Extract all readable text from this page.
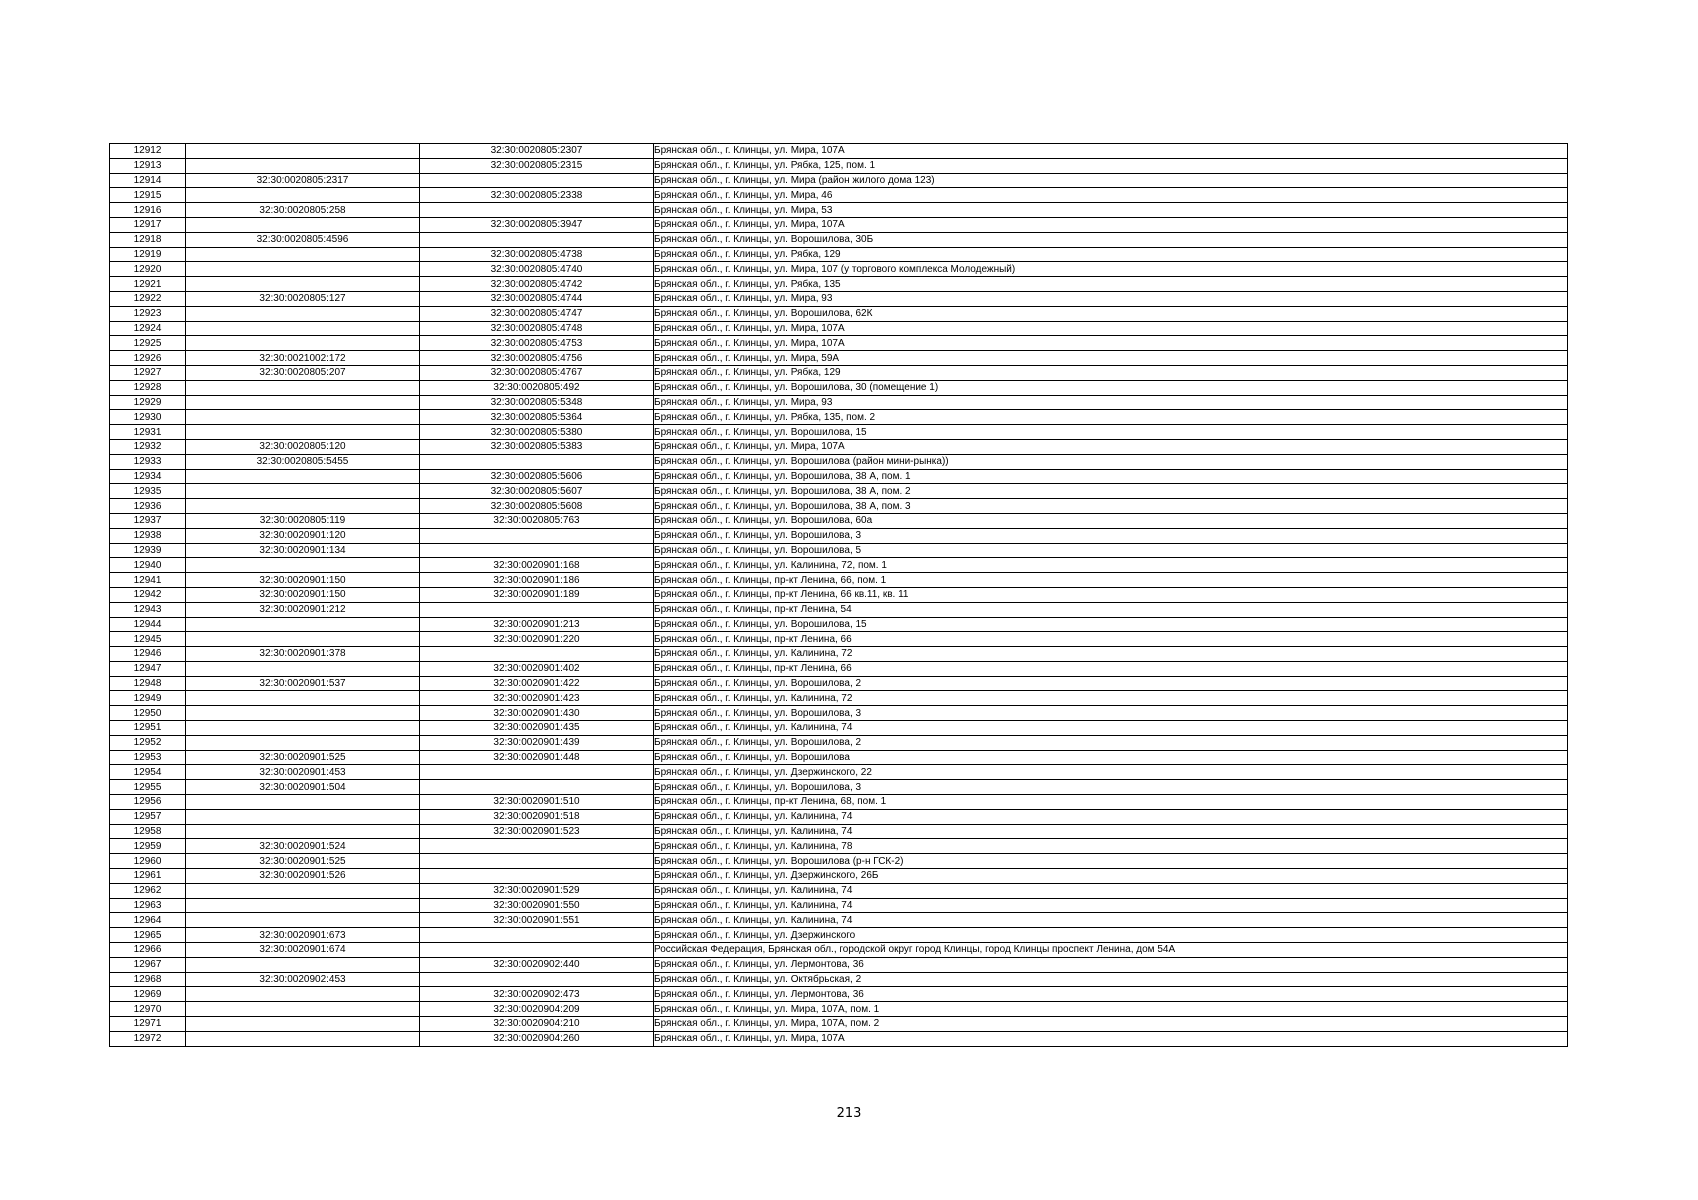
12912		32:30:0020805:2307	Брянская обл., г. Клинцы, ул. Мира, 107А
12913		32:30:0020805:2315	Брянская обл., г. Клинцы, ул. Рябка, 125, пом. 1
12914	32:30:0020805:2317		Брянская обл., г. Клинцы, ул. Мира (район жилого дома 123)
12915		32:30:0020805:2338	Брянская обл., г. Клинцы, ул. Мира, 46
12916	32:30:0020805:258		Брянская обл., г. Клинцы, ул. Мира, 53
12917		32:30:0020805:3947	Брянская обл., г. Клинцы, ул. Мира, 107А
12918	32:30:0020805:4596		Брянская обл., г. Клинцы, ул. Ворошилова, 30Б
12919		32:30:0020805:4738	Брянская обл., г. Клинцы, ул. Рябка, 129
12920		32:30:0020805:4740	Брянская обл., г. Клинцы, ул. Мира, 107 (у торгового комплекса Молодежный)
12921		32:30:0020805:4742	Брянская обл., г. Клинцы, ул. Рябка, 135
12922	32:30:0020805:127	32:30:0020805:4744	Брянская обл., г. Клинцы, ул. Мира, 93
12923		32:30:0020805:4747	Брянская обл., г. Клинцы, ул. Ворошилова, 62К
12924		32:30:0020805:4748	Брянская обл., г. Клинцы, ул. Мира, 107А
12925		32:30:0020805:4753	Брянская обл., г. Клинцы, ул. Мира, 107А
12926	32:30:0021002:172	32:30:0020805:4756	Брянская обл., г. Клинцы, ул. Мира, 59А
12927	32:30:0020805:207	32:30:0020805:4767	Брянская обл., г. Клинцы, ул. Рябка, 129
12928		32:30:0020805:492	Брянская обл., г. Клинцы, ул. Ворошилова, 30 (помещение 1)
12929		32:30:0020805:5348	Брянская обл., г. Клинцы, ул. Мира, 93
12930		32:30:0020805:5364	Брянская обл., г. Клинцы, ул. Рябка, 135, пом. 2
12931		32:30:0020805:5380	Брянская обл., г. Клинцы, ул. Ворошилова, 15
12932	32:30:0020805:120	32:30:0020805:5383	Брянская обл., г. Клинцы, ул. Мира, 107А
12933	32:30:0020805:5455		Брянская обл., г. Клинцы, ул. Ворошилова (район мини-рынка))
12934		32:30:0020805:5606	Брянская обл., г. Клинцы, ул. Ворошилова, 38 А, пом. 1
12935		32:30:0020805:5607	Брянская обл., г. Клинцы, ул. Ворошилова, 38 А, пом. 2
12936		32:30:0020805:5608	Брянская обл., г. Клинцы, ул. Ворошилова, 38 А, пом. 3
12937	32:30:0020805:119	32:30:0020805:763	Брянская обл., г. Клинцы, ул. Ворошилова, 60а
12938	32:30:0020901:120		Брянская обл., г. Клинцы, ул. Ворошилова, 3
12939	32:30:0020901:134		Брянская обл., г. Клинцы, ул. Ворошилова, 5
12940		32:30:0020901:168	Брянская обл., г. Клинцы, ул. Калинина, 72, пом. 1
12941	32:30:0020901:150	32:30:0020901:186	Брянская обл., г. Клинцы, пр-кт Ленина, 66, пом. 1
12942	32:30:0020901:150	32:30:0020901:189	Брянская обл., г. Клинцы, пр-кт Ленина, 66 кв.11, кв. 11
12943	32:30:0020901:212		Брянская обл., г. Клинцы, пр-кт Ленина, 54
12944		32:30:0020901:213	Брянская обл., г. Клинцы, ул. Ворошилова, 15
12945		32:30:0020901:220	Брянская обл., г. Клинцы, пр-кт Ленина, 66
12946	32:30:0020901:378		Брянская обл., г. Клинцы, ул. Калинина, 72
12947		32:30:0020901:402	Брянская обл., г. Клинцы, пр-кт Ленина, 66
12948	32:30:0020901:537	32:30:0020901:422	Брянская обл., г. Клинцы, ул. Ворошилова, 2
12949		32:30:0020901:423	Брянская обл., г. Клинцы, ул. Калинина, 72
12950		32:30:0020901:430	Брянская обл., г. Клинцы, ул. Ворошилова, 3
12951		32:30:0020901:435	Брянская обл., г. Клинцы, ул. Калинина, 74
12952		32:30:0020901:439	Брянская обл., г. Клинцы, ул. Ворошилова, 2
12953	32:30:0020901:525	32:30:0020901:448	Брянская обл., г. Клинцы, ул. Ворошилова
12954	32:30:0020901:453		Брянская обл., г. Клинцы, ул. Дзержинского, 22
12955	32:30:0020901:504		Брянская обл., г. Клинцы, ул. Ворошилова, 3
12956		32:30:0020901:510	Брянская обл., г. Клинцы, пр-кт Ленина, 68, пом. 1
12957		32:30:0020901:518	Брянская обл., г. Клинцы, ул. Калинина, 74
12958		32:30:0020901:523	Брянская обл., г. Клинцы, ул. Калинина, 74
12959	32:30:0020901:524		Брянская обл., г. Клинцы, ул. Калинина, 78
12960	32:30:0020901:525		Брянская обл., г. Клинцы, ул. Ворошилова (р-н ГСК-2)
12961	32:30:0020901:526		Брянская обл., г. Клинцы, ул. Дзержинского, 26Б
12962		32:30:0020901:529	Брянская обл., г. Клинцы, ул. Калинина, 74
12963		32:30:0020901:550	Брянская обл., г. Клинцы, ул. Калинина, 74
12964		32:30:0020901:551	Брянская обл., г. Клинцы, ул. Калинина, 74
12965	32:30:0020901:673		Брянская обл., г. Клинцы, ул. Дзержинского
12966	32:30:0020901:674		Российская Федерация, Брянская обл., городской округ город Клинцы, город Клинцы проспект Ленина, дом 54А
12967		32:30:0020902:440	Брянская обл., г. Клинцы, ул. Лермонтова, 36
12968	32:30:0020902:453		Брянская обл., г. Клинцы, ул. Октябрьская, 2
12969		32:30:0020902:473	Брянская обл., г. Клинцы, ул. Лермонтова, 36
12970		32:30:0020904:209	Брянская обл., г. Клинцы, ул. Мира, 107А, пом. 1
12971		32:30:0020904:210	Брянская обл., г. Клинцы, ул. Мира, 107А, пом. 2
12972		32:30:0020904:260	Брянская обл., г. Клинцы, ул. Мира, 107А
213
